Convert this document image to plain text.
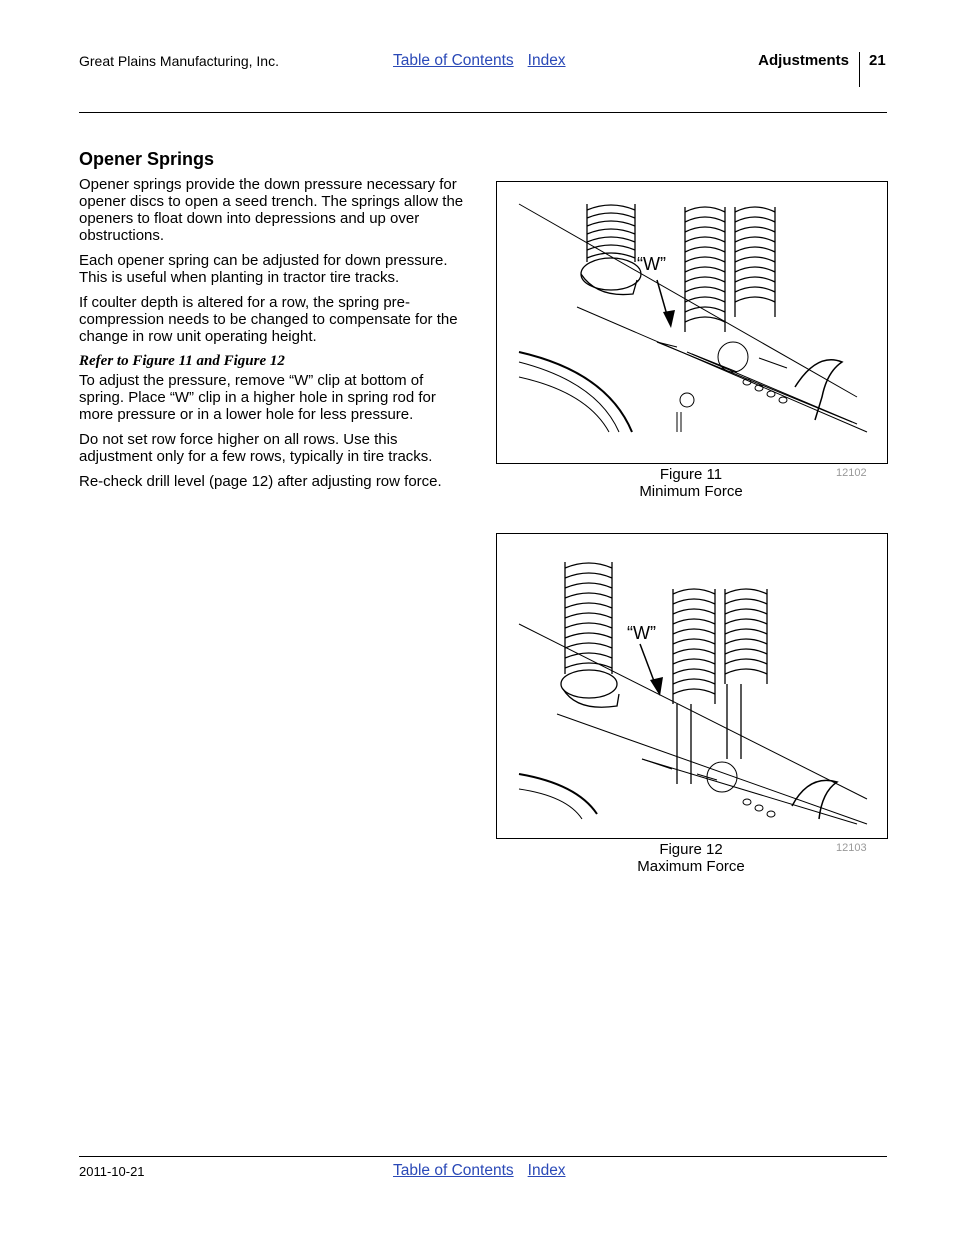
Great Plains Manufacturing, Inc.	Table of Contents Index	Adjustments 21
Opener Springs

Opener springs provide the down pressure necessary for opener discs to open a seed trench. The springs allow the openers to float down into depressions and up over obstructions.

Each opener spring can be adjusted for down pressure. This is useful when planting in tractor tire tracks.

If coulter depth is altered for a row, the spring pre-compression needs to be changed to compensate for the change in row unit operating height.

Refer to Figure 11 and Figure 12

To adjust the pressure, remove “W” clip at bottom of spring. Place “W” clip in a higher hole in spring rod for more pressure or in a lower hole for less pressure.

Do not set row force higher on all rows. Use this adjustment only for a few rows, typically in tire tracks.

Re-check drill level (page 12) after adjusting row force.

“W”
Figure 11
Minimum Force
12102
“W”
Figure 12
Maximum Force
12103
2011-10-21	Table of Contents Index
